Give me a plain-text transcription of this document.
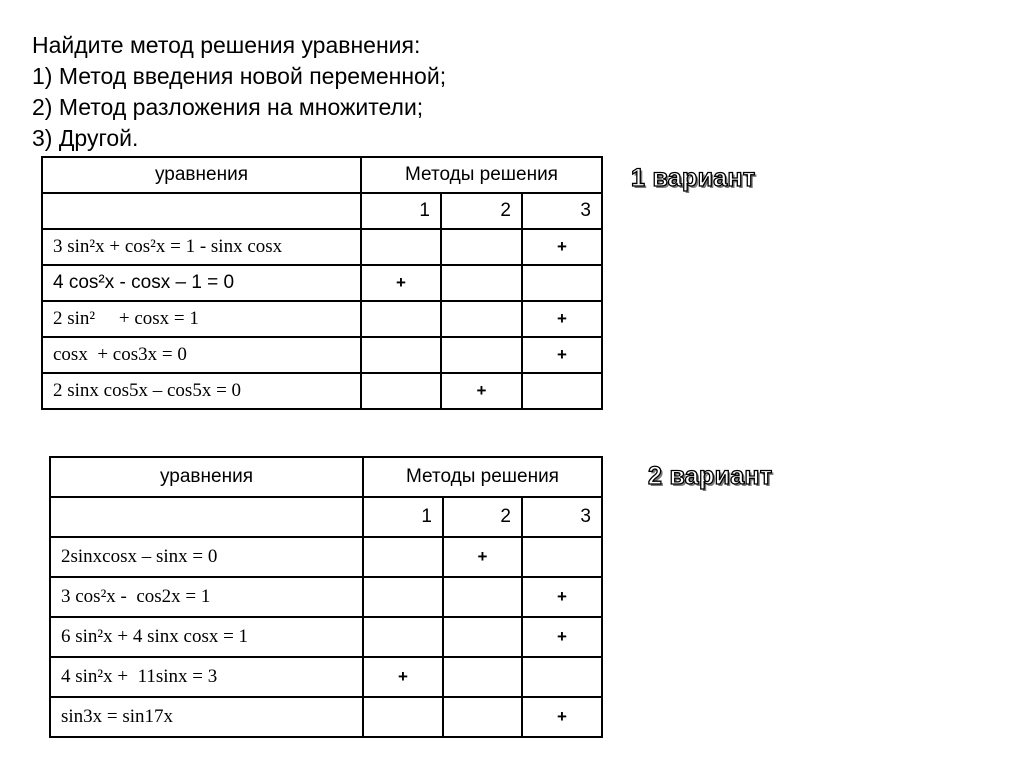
Найдите метод решения уравнения:
1) Метод введения новой переменной;
2) Метод разложения на множители;
3) Другой.
1 вариант
2 вариант
уравнения	Методы решения		
	1	2	3
3 sin²x + cos²x = 1 - sinx cosx			+
4 cos²x - cosx – 1 = 0	+		
2 sin²     + cosx = 1			+
cosx  + cos3x = 0			+
2 sinx cos5x – cos5x = 0		+	
уравнения	Методы решения		
	1	2	3
2sinxcosx – sinx = 0		+	
3 cos²x -  cos2x = 1			+
6 sin²x + 4 sinx cosx = 1			+
4 sin²x +  11sinx = 3	+		
sin3x = sin17x			+
